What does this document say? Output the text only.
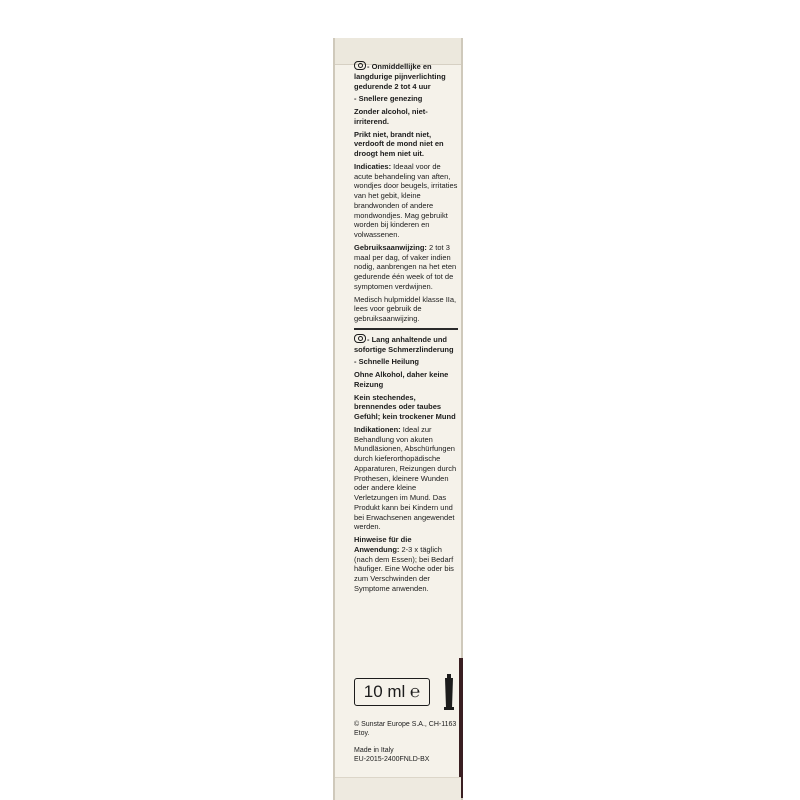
- Onmiddellijke en langdurige pijnverlichting gedurende 2 tot 4 uur

- Snellere genezing

Zonder alcohol, niet-irriterend.

Prikt niet, brandt niet, verdooft de mond niet en droogt hem niet uit.

Indicaties: Ideaal voor de acute behandeling van aften, wondjes door beugels, irritaties van het gebit, kleine brandwonden of andere mondwondjes. Mag gebruikt worden bij kinderen en volwassenen.

Gebruiksaanwijzing: 2 tot 3 maal per dag, of vaker indien nodig, aanbrengen na het eten gedurende één week of tot de symptomen verdwijnen.

Medisch hulpmiddel klasse IIa, lees voor gebruik de gebruiksaanwijzing.

- Lang anhaltende und sofortige Schmerzlinderung

- Schnelle Heilung

Ohne Alkohol, daher keine Reizung

Kein stechendes, brennendes oder taubes Gefühl; kein trockener Mund

Indikationen: Ideal zur Behandlung von akuten Mundläsionen, Abschürfungen durch kieferorthopädische Apparaturen, Reizungen durch Prothesen, kleinere Wunden oder andere kleine Verletzungen im Mund. Das Produkt kann bei Kindern und bei Erwachsenen angewendet werden.

Hinweise für die Anwendung: 2-3 x täglich (nach dem Essen); bei Bedarf häufiger. Eine Woche oder bis zum Verschwinden der Symptome anwenden.

10 ml ℮

© Sunstar Europe S.A., CH-1163 Etoy.

Made in Italy

EU-2015-2400FNLD-BX
